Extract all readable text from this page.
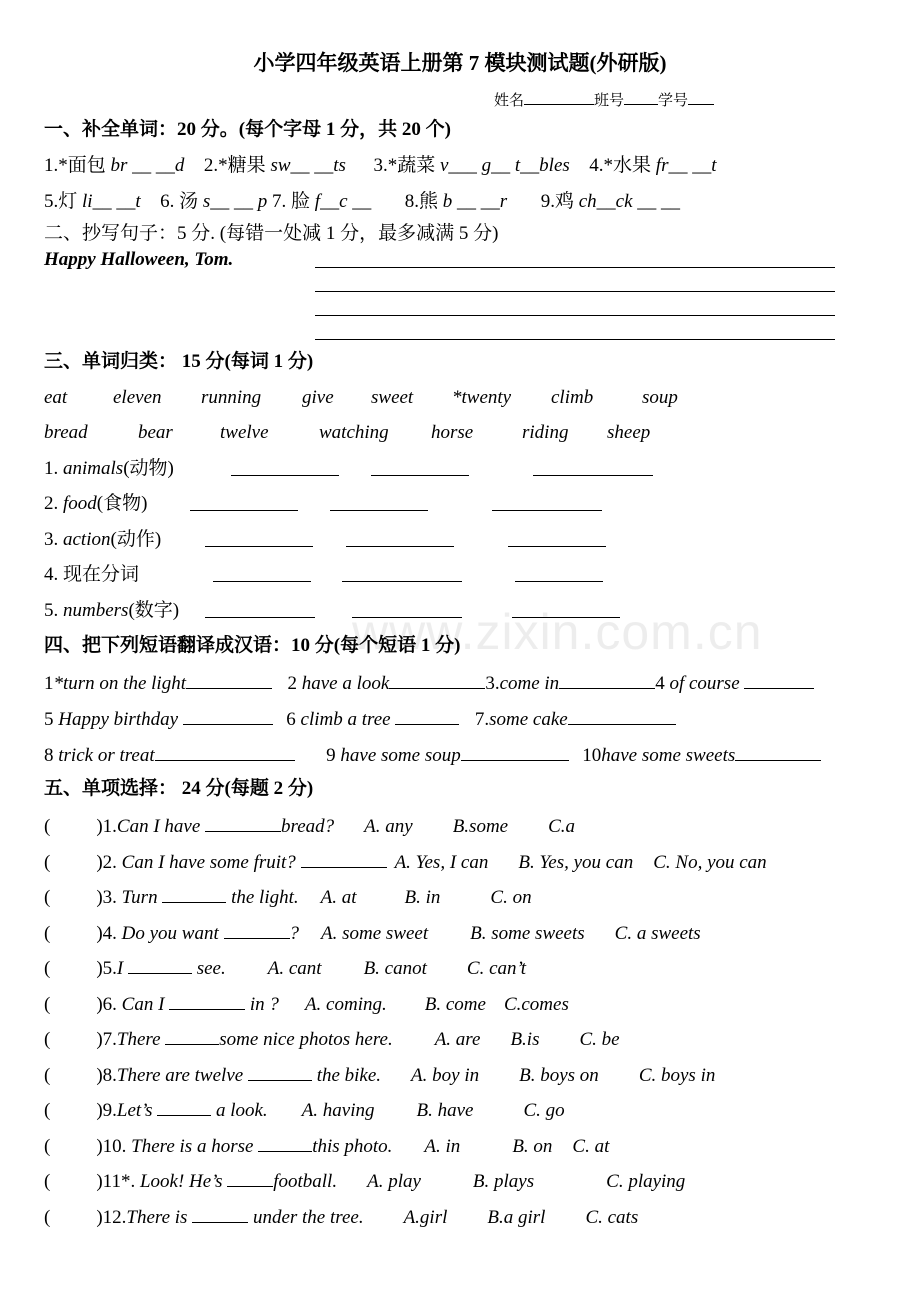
www.zixin.com.cn
小学四年级英语上册第 7 模块测试题(外研版)
姓名	班号 学号
一、补全单词：20 分。(每个字母 1 分，共 20 个)
1.*面包 br __ __d 2.*糖果 sw__ __ts 3.*蔬菜 v___ g__ t__bles 4.*水果 fr__ __t
5.灯 li__ __t 6. 汤 s__ __ p 7. 脸 f__c __ 8.熊 b __ __r 9.鸡 ch__ck __ __
二、抄写句子：5 分. (每错一处减 1 分，最多减满 5 分)
Happy Halloween, Tom.
三、单词归类： 15 分(每词 1 分)
eat eleven running give sweet *twenty climb	soup
bread	bear twelve	watching horse	riding sheep
1. animals(动物)
2. food(食物)
3. action(动作)
4. 现在分词
5. numbers(数字)
四、把下列短语翻译成汉语：10 分(每个短语 1 分)
1*turn on the light	2 have a look	3.come in	4 of course
5 Happy birthday	6 climb a tree	7.some cake
8 trick or treat	9 have some soup	10have some sweets
五、单项选择： 24 分(每题 2 分)
( )1.Can I have	bread? A. any B.some C.a
( )2. Can I have some fruit?	A. Yes, I can B. Yes, you can C. No, you can
( )3. Turn	the light. A. at	B. in	C. on
( )4. Do you want	? A. some sweet B. some sweets C. a sweets
( )5.I	see. A. cant B. canot C. can’t
( )6. Can I	in ? A. coming. B. come C.comes
( )7.There	some nice photos here. A. are B.is C. be
( )8.There are twelve	the bike. A. boy in B. boys on C. boys in
( )9.Let’s	a look. A. having B. have	C. go
( )10. There is a horse	this photo. A. in	B. on C. at
( )11*. Look! He’s football. A. play	B. plays	C. playing
( )12.There is	under the tree. A.girl B.a girl C. cats
